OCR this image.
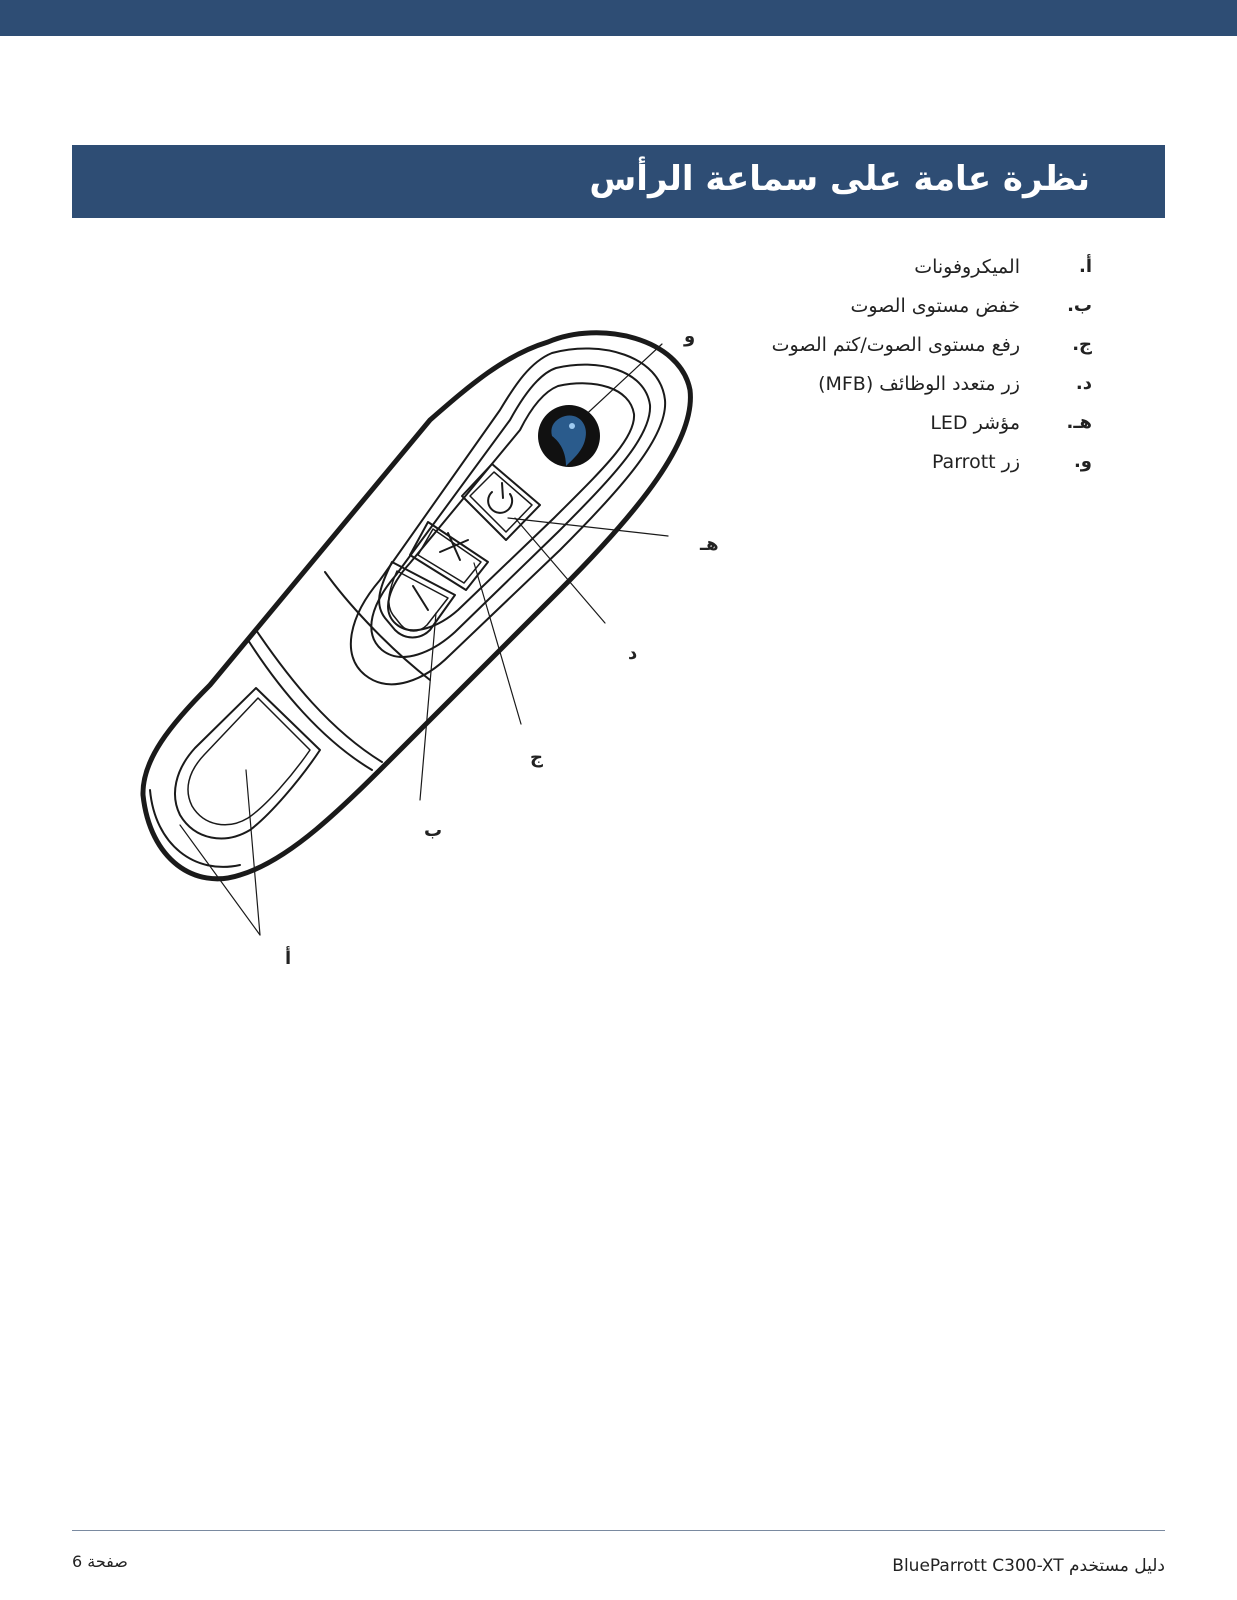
نظرة عامة على سماعة الرأس
أ.
الميكروفونات
ب.
خفض مستوى الصوت
ج.
رفع مستوى الصوت/كتم الصوت
د.
زر متعدد الوظائف (MFB)
هـ.
مؤشر LED
و.
زر Parrott
أ
ب
ج
د
هـ
و
صفحة 6	دليل مستخدم BlueParrott C300-XT
